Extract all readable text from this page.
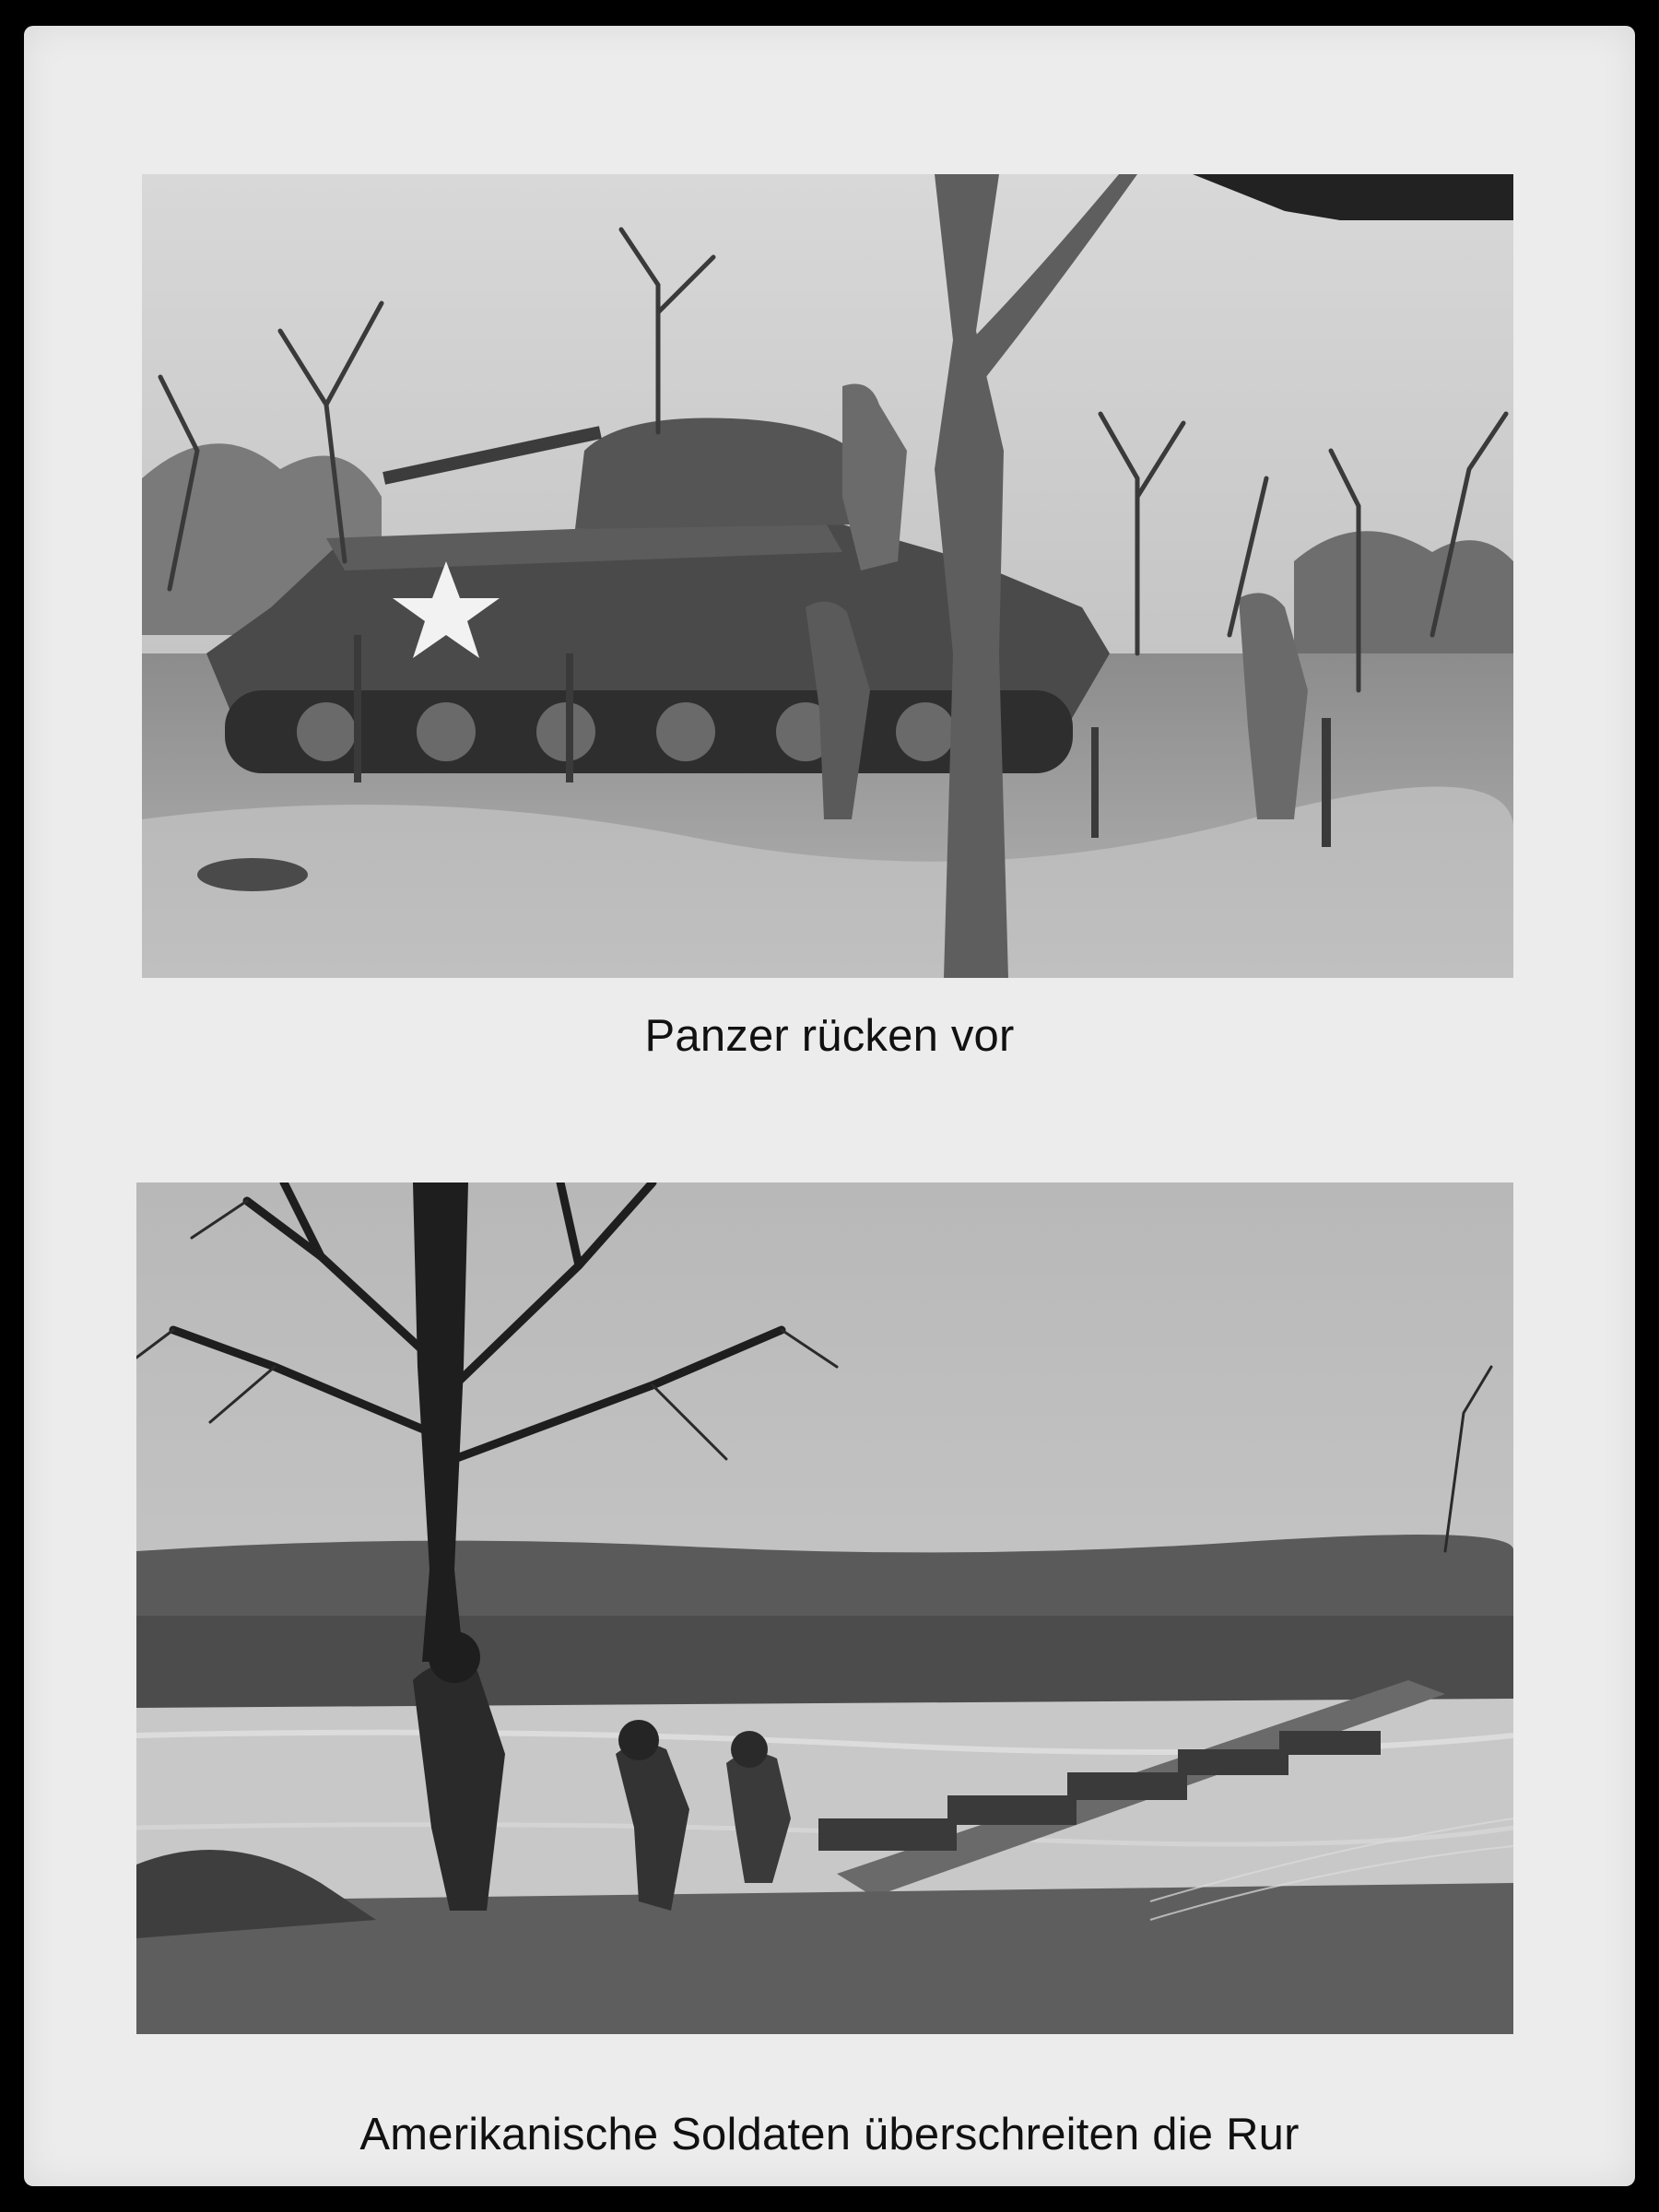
Panzer rücken vor
Amerikanische Soldaten überschreiten die Rur
